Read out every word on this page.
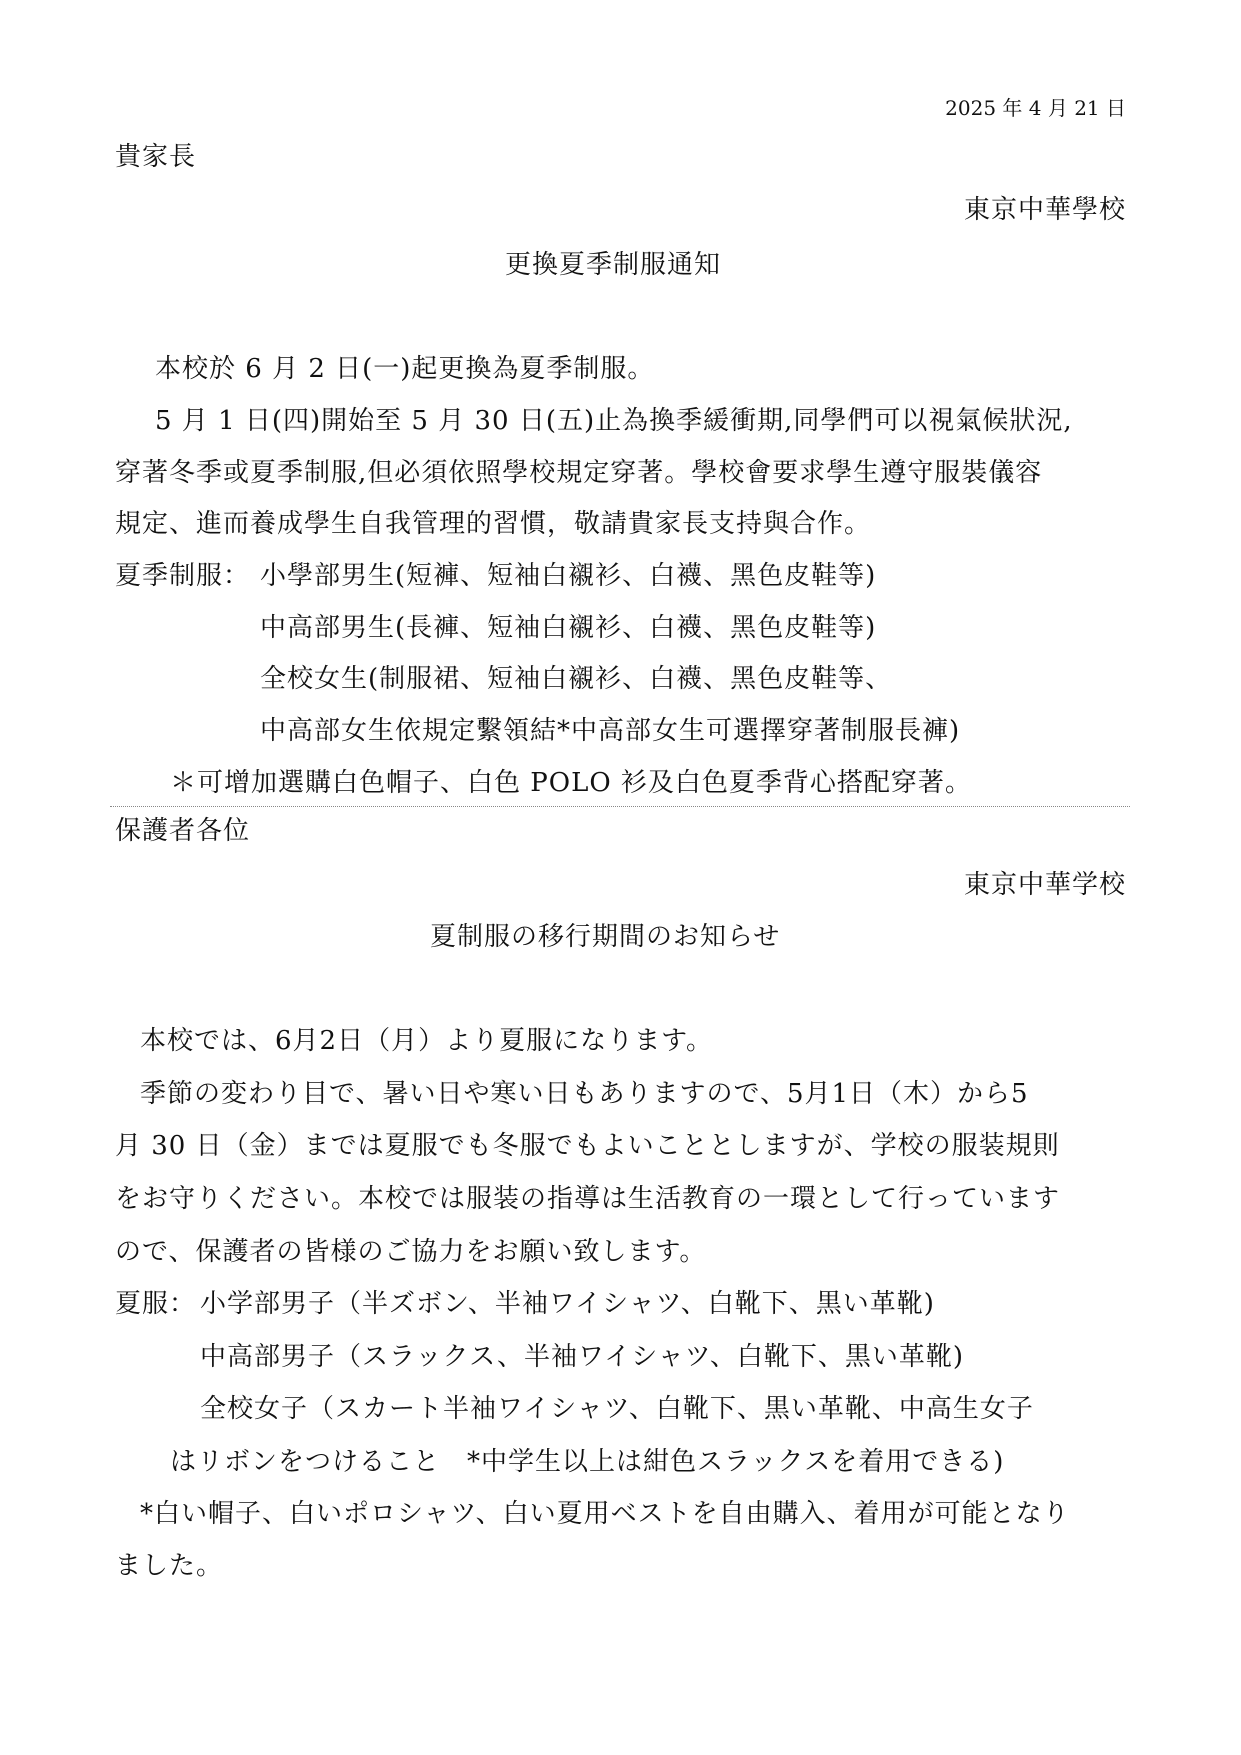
2025 年 4 月 21 日
貴家長
東京中華學校
更換夏季制服通知
本校於 6 月 2 日(一)起更換為夏季制服。
5 月 1 日(四)開始至 5 月 30 日(五)止為換季緩衝期,同學們可以視氣候狀況,
穿著冬季或夏季制服,但必須依照學校規定穿著。學校會要求學生遵守服裝儀容
規定、進而養成學生自我管理的習慣，敬請貴家長支持與合作。
夏季制服： 小學部男生(短褲、短袖白襯衫、白襪、黑色皮鞋等)
中高部男生(長褲、短袖白襯衫、白襪、黑色皮鞋等)
全校女生(制服裙、短袖白襯衫、白襪、黑色皮鞋等、
中高部女生依規定繫領結*中高部女生可選擇穿著制服長褲)
＊可增加選購白色帽子、白色 POLO 衫及白色夏季背心搭配穿著。
保護者各位
東京中華学校
夏制服の移行期間のお知らせ
本校では、6月2日（月）より夏服になります。
季節の変わり目で、暑い日や寒い日もありますので、5月1日（木）から5
月 30 日（金）までは夏服でも冬服でもよいこととしますが、学校の服装規則
をお守りください。本校では服装の指導は生活教育の一環として行っています
ので、保護者の皆様のご協力をお願い致します。
夏服： 小学部男子（半ズボン、半袖ワイシャツ、白靴下、黒い革靴)
中高部男子（スラックス、半袖ワイシャツ、白靴下、黒い革靴)
全校女子（スカート半袖ワイシャツ、白靴下、黒い革靴、中高生女子
はリボンをつけること　*中学生以上は紺色スラックスを着用できる)
*白い帽子、白いポロシャツ、白い夏用ベストを自由購入、着用が可能となり
ました。
